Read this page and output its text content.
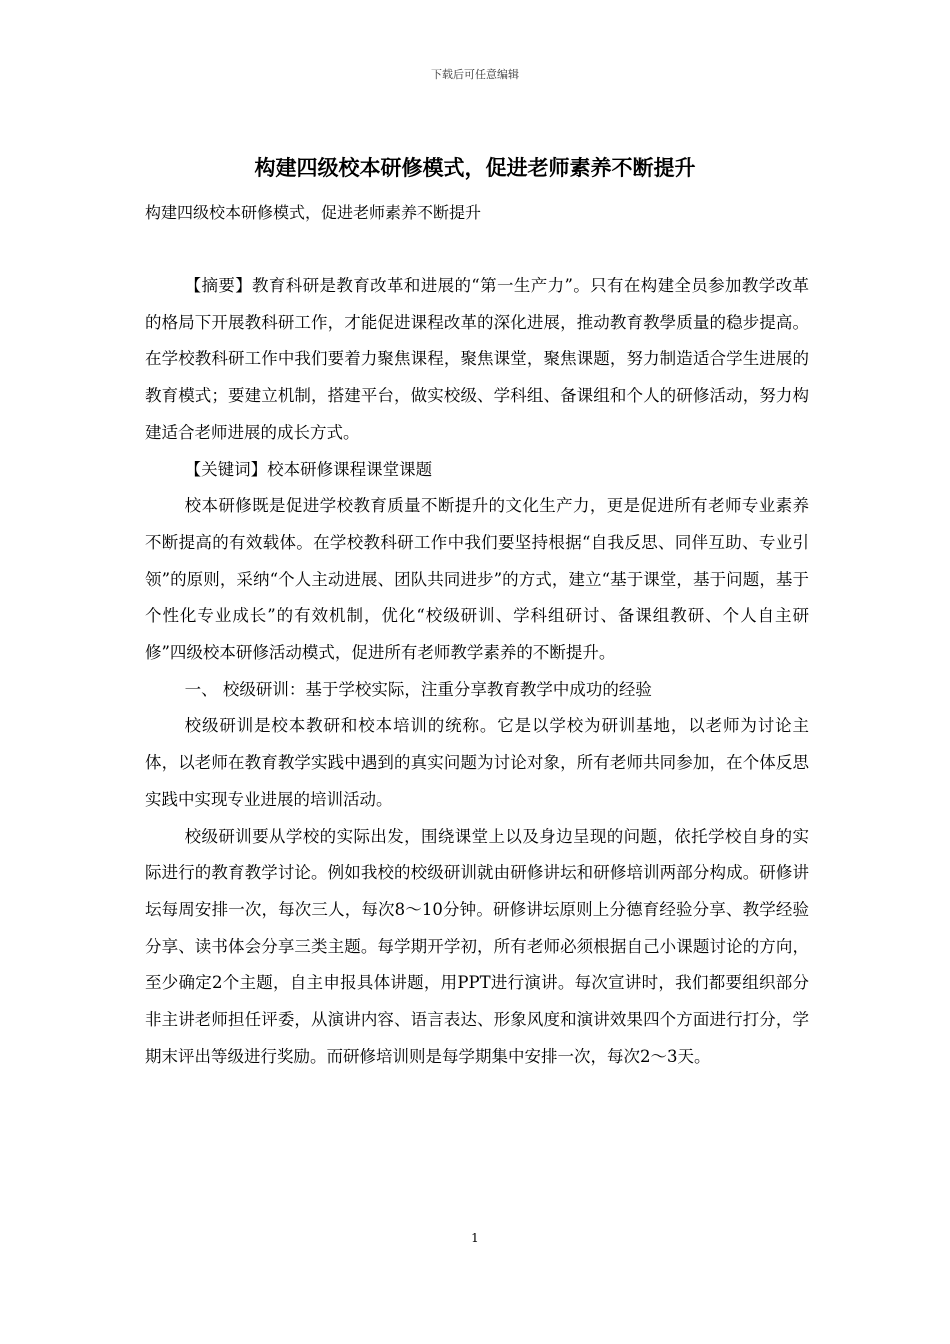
下载后可任意编辑
构建四级校本研修模式，促进老师素养不断提升

构建四级校本研修模式，促进老师素养不断提升

【摘要】教育科研是教育改革和进展的“第一生产力”。只有在构建全员参加教学改革的格局下开展教科研工作，才能促进课程改革的深化进展，推动教育教學质量的稳步提高。在学校教科研工作中我们要着力聚焦课程，聚焦课堂，聚焦课题，努力制造适合学生进展的教育模式；要建立机制，搭建平台，做实校级、学科组、备课组和个人的研修活动，努力构建适合老师进展的成长方式。

【关键词】校本研修课程课堂课题

校本研修既是促进学校教育质量不断提升的文化生产力，更是促进所有老师专业素养不断提高的有效载体。在学校教科研工作中我们要坚持根据“自我反思、同伴互助、专业引领”的原则，采纳“个人主动进展、团队共同进步”的方式，建立“基于课堂，基于问题，基于个性化专业成长”的有效机制，优化“校级研训、学科组研讨、备课组教研、个人自主研修”四级校本研修活动模式，促进所有老师教学素养的不断提升。

一、 校级研训：基于学校实际，注重分享教育教学中成功的经验

校级研训是校本教研和校本培训的统称。它是以学校为研训基地，以老师为讨论主体，以老师在教育教学实践中遇到的真实问题为讨论对象，所有老师共同参加，在个体反思实践中实现专业进展的培训活动。

校级研训要从学校的实际出发，围绕课堂上以及身边呈现的问题，依托学校自身的实际进行的教育教学讨论。例如我校的校级研训就由研修讲坛和研修培训两部分构成。研修讲坛每周安排一次，每次三人，每次8～10分钟。研修讲坛原则上分德育经验分享、教学经验分享、读书体会分享三类主题。每学期开学初，所有老师必须根据自己小课题讨论的方向，至少确定2个主题，自主申报具体讲题，用PPT进行演讲。每次宣讲时，我们都要组织部分非主讲老师担任评委，从演讲内容、语言表达、形象风度和演讲效果四个方面进行打分，学期末评出等级进行奖励。而研修培训则是每学期集中安排一次，每次2～3天。

1
